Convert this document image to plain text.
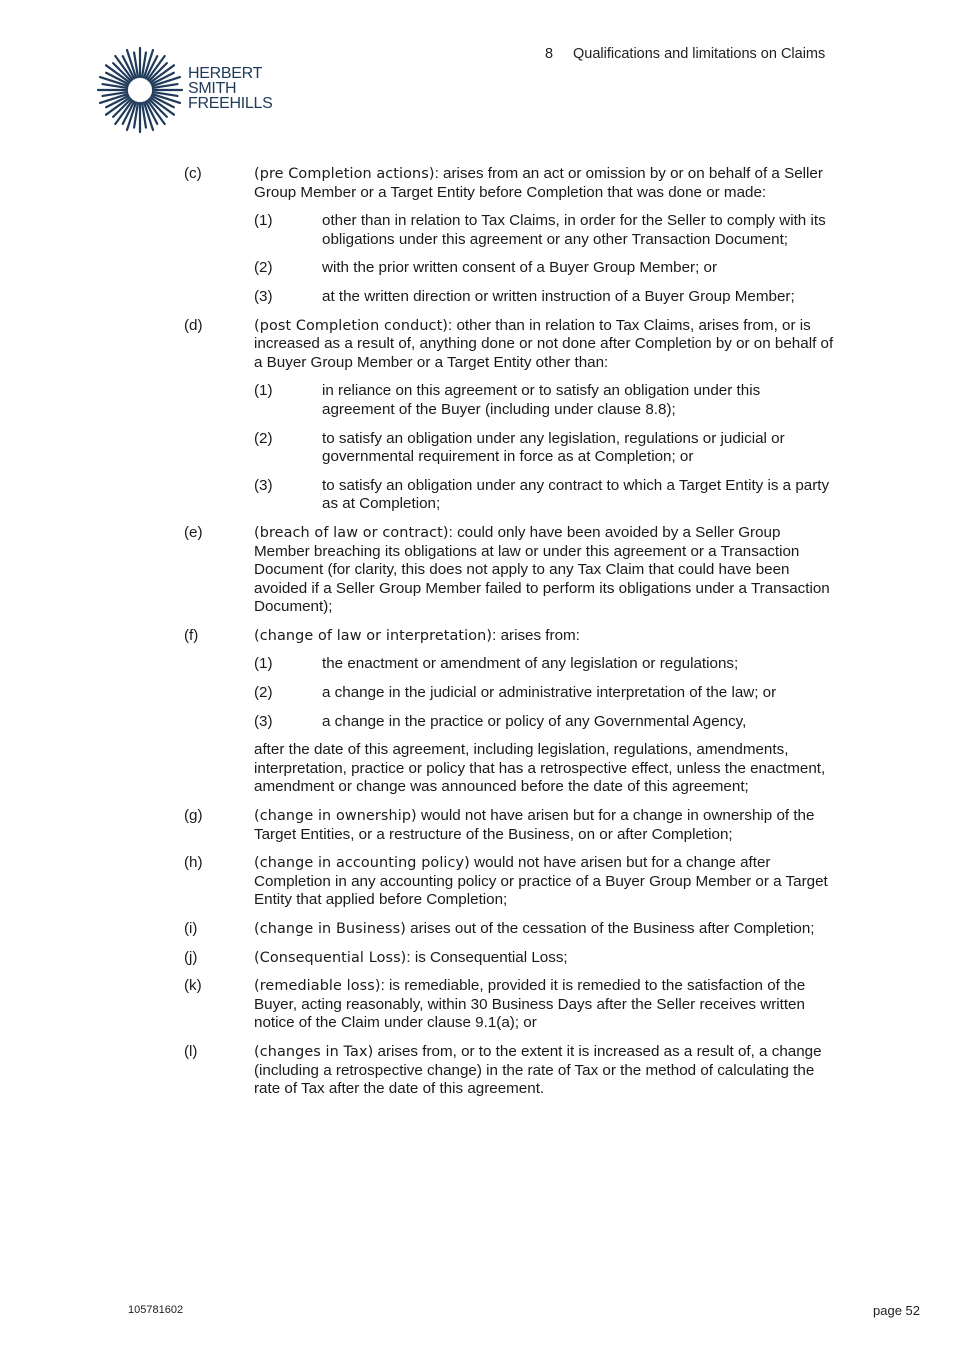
HERBERT
SMITH
FREEHILLS
8 Qualifications and limitations on Claims
(c)	(pre Completion actions): arises from an act or omission by or on behalf of a Seller Group Member or a Target Entity before Completion that was done or made:
(1)	other than in relation to Tax Claims, in order for the Seller to comply with its obligations under this agreement or any other Transaction Document;
(2)	with the prior written consent of a Buyer Group Member; or
(3)	at the written direction or written instruction of a Buyer Group Member;
(d)	(post Completion conduct): other than in relation to Tax Claims, arises from, or is increased as a result of, anything done or not done after Completion by or on behalf of a Buyer Group Member or a Target Entity other than:
(1)	in reliance on this agreement or to satisfy an obligation under this agreement of the Buyer (including under clause 8.8);
(2)	to satisfy an obligation under any legislation, regulations or judicial or governmental requirement in force as at Completion; or
(3)	to satisfy an obligation under any contract to which a Target Entity is a party as at Completion;
(e)	(breach of law or contract): could only have been avoided by a Seller Group Member breaching its obligations at law or under this agreement or a Transaction Document (for clarity, this does not apply to any Tax Claim that could have been avoided if a Seller Group Member failed to perform its obligations under a Transaction Document);
(f)	(change of law or interpretation): arises from:
(1)	the enactment or amendment of any legislation or regulations;
(2)	a change in the judicial or administrative interpretation of the law; or
(3)	a change in the practice or policy of any Governmental Agency,
after the date of this agreement, including legislation, regulations, amendments, interpretation, practice or policy that has a retrospective effect, unless the enactment, amendment or change was announced before the date of this agreement;
(g)	(change in ownership) would not have arisen but for a change in ownership of the Target Entities, or a restructure of the Business, on or after Completion;
(h)	(change in accounting policy) would not have arisen but for a change after Completion in any accounting policy or practice of a Buyer Group Member or a Target Entity that applied before Completion;
(i)	(change in Business) arises out of the cessation of the Business after Completion;
(j)	(Consequential Loss): is Consequential Loss;
(k)	(remediable loss): is remediable, provided it is remedied to the satisfaction of the Buyer, acting reasonably, within 30 Business Days after the Seller receives written notice of the Claim under clause 9.1(a); or
(l)	(changes in Tax) arises from, or to the extent it is increased as a result of, a change (including a retrospective change) in the rate of Tax or the method of calculating the rate of Tax after the date of this agreement.
105781602	page 52
